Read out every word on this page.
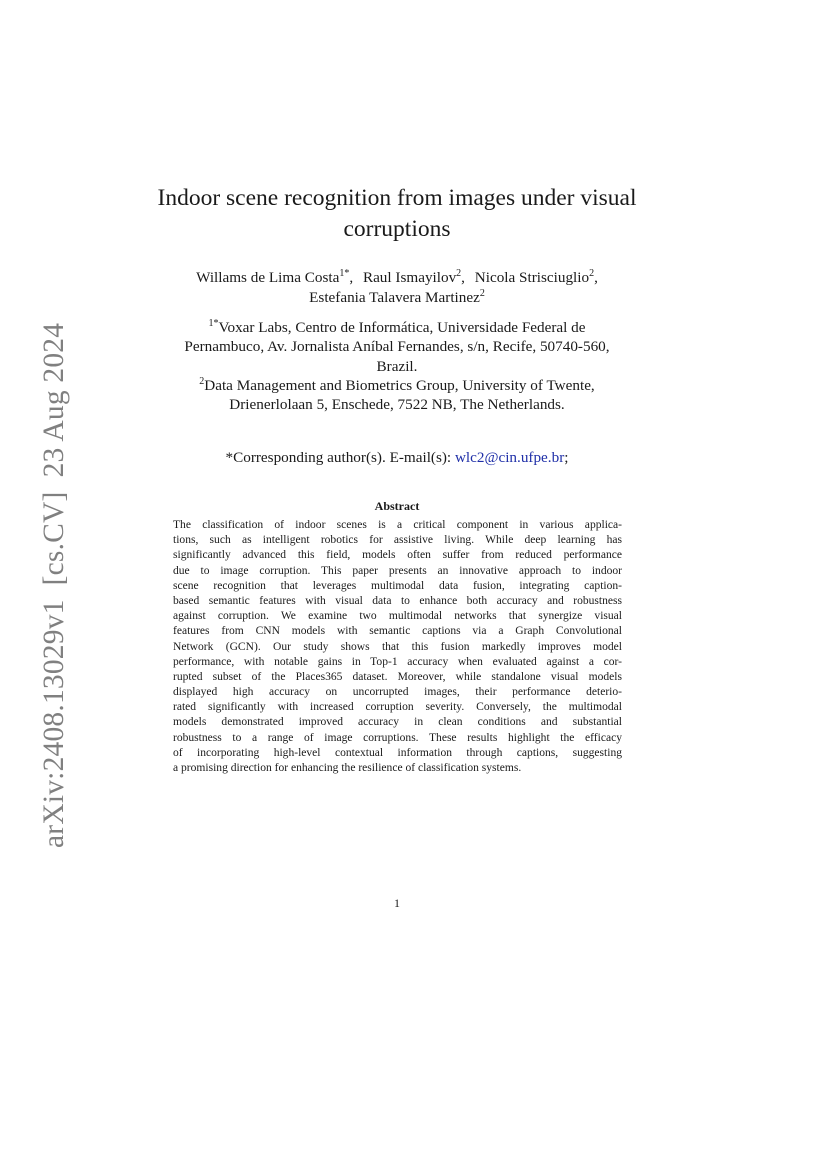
arXiv:2408.13029v1[cs.CV]23 Aug 2024
Indoor scene recognition from images under visual
corruptions
Willams de Lima Costa$^{1*}$, Raul Ismayilov$^2$, Nicola Strisciuglio$^2$,
Estefania Talavera Martinez$^2$
$^{1*}$Voxar Labs, Centro de Informática, Universidade Federal de
Pernambuco, Av. Jornalista Aníbal Fernandes, s/n, Recife, 50740-560,
Brazil.
$^2$Data Management and Biometrics Group, University of Twente,
Drienerlolaan 5, Enschede, 7522 NB, The Netherlands.
*Corresponding author(s). E-mail(s): wlc2@cin.ufpe.br;
Abstract
The classification of indoor scenes is a critical component in various applica-
tions, such as intelligent robotics for assistive living. While deep learning has
significantly advanced this field, models often suffer from reduced performance
due to image corruption. This paper presents an innovative approach to indoor
scene recognition that leverages multimodal data fusion, integrating caption-
based semantic features with visual data to enhance both accuracy and robustness
against corruption. We examine two multimodal networks that synergize visual
features from CNN models with semantic captions via a Graph Convolutional
Network (GCN). Our study shows that this fusion markedly improves model
performance, with notable gains in Top-1 accuracy when evaluated against a cor-
rupted subset of the Places365 dataset. Moreover, while standalone visual models
displayed high accuracy on uncorrupted images, their performance deterio-
rated significantly with increased corruption severity. Conversely, the multimodal
models demonstrated improved accuracy in clean conditions and substantial
robustness to a range of image corruptions. These results highlight the efficacy
of incorporating high-level contextual information through captions, suggesting
a promising direction for enhancing the resilience of classification systems.
1
